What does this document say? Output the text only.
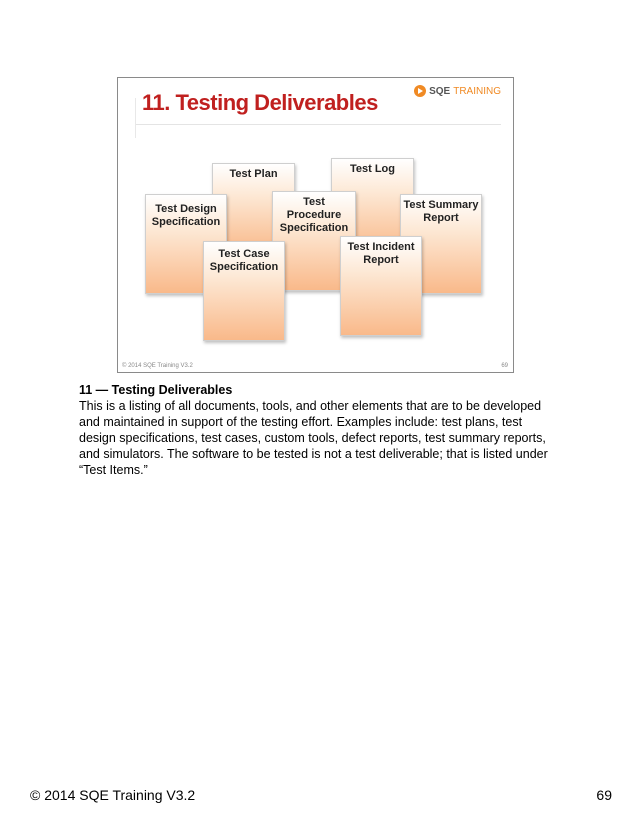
11. Testing Deliverables	SQE TRAINING
Test Plan	Test Log
Test Design Specification
Test Summary Report
Test Procedure Specification
Test Case Specification
Test Incident Report
© 2014 SQE Training V3.2	69
11 — Testing Deliverables

This is a listing of all documents, tools, and other elements that are to be developed and maintained in support of the testing effort. Examples include: test plans, test design specifications, test cases, custom tools, defect reports, test summary reports, and simulators. The software to be tested is not a test deliverable; that is listed under “Test Items.”

© 2014 SQE Training V3.2	69
